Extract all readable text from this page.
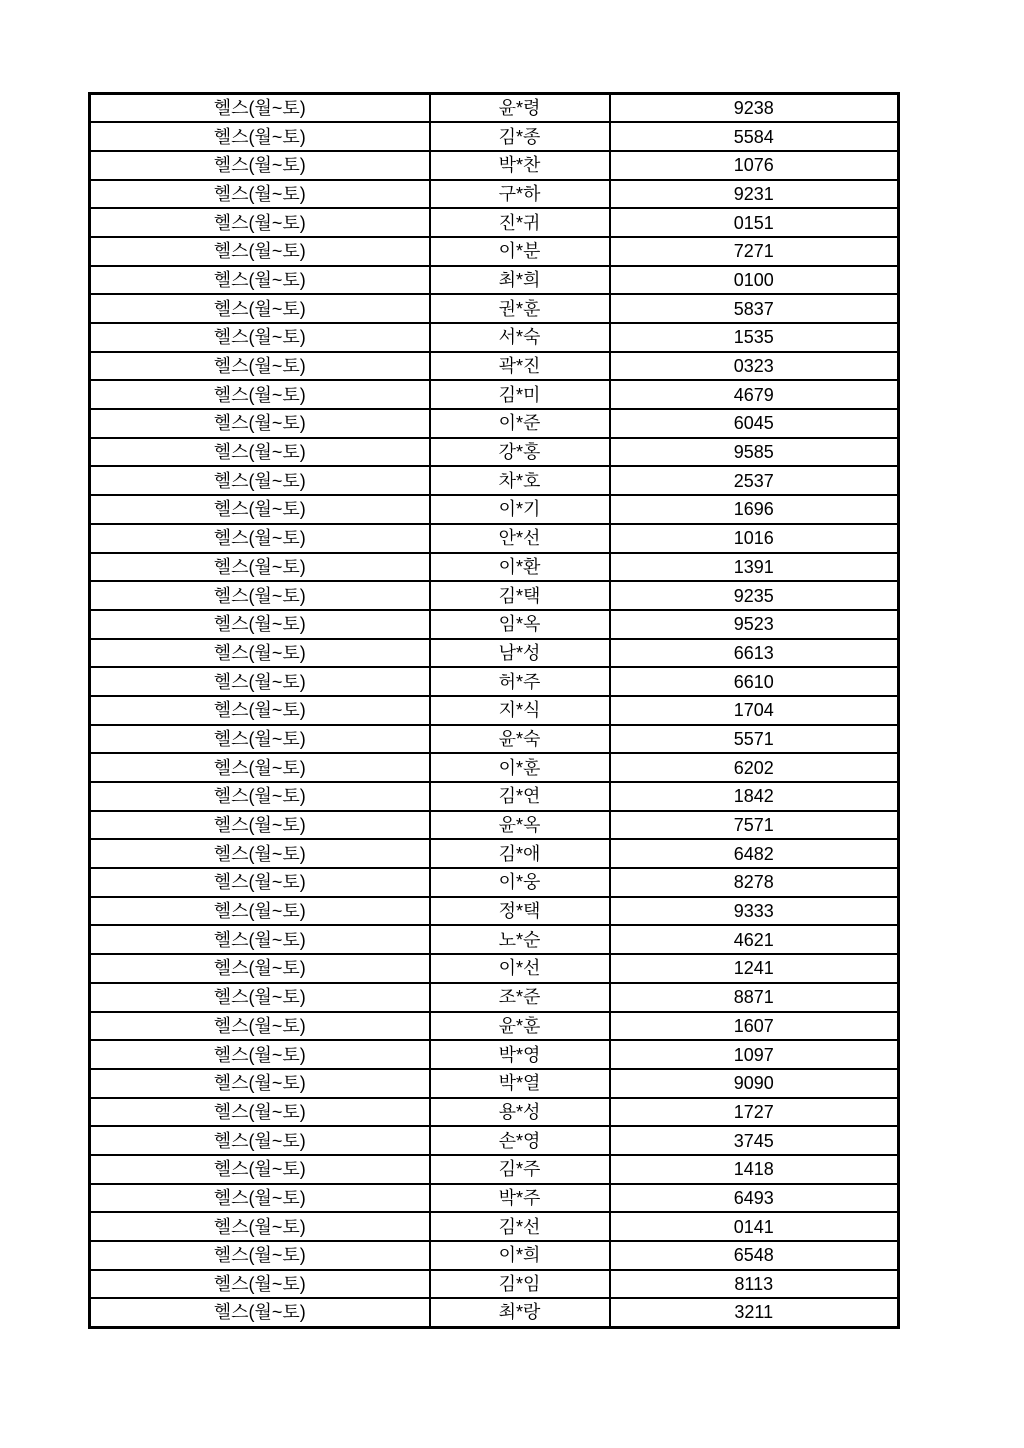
헬스(월~토)	윤*령	9238
헬스(월~토)	김*종	5584
헬스(월~토)	박*찬	1076
헬스(월~토)	구*하	9231
헬스(월~토)	진*귀	0151
헬스(월~토)	이*분	7271
헬스(월~토)	최*희	0100
헬스(월~토)	권*훈	5837
헬스(월~토)	서*숙	1535
헬스(월~토)	곽*진	0323
헬스(월~토)	김*미	4679
헬스(월~토)	이*준	6045
헬스(월~토)	강*홍	9585
헬스(월~토)	차*호	2537
헬스(월~토)	이*기	1696
헬스(월~토)	안*선	1016
헬스(월~토)	이*환	1391
헬스(월~토)	김*택	9235
헬스(월~토)	임*옥	9523
헬스(월~토)	남*성	6613
헬스(월~토)	허*주	6610
헬스(월~토)	지*식	1704
헬스(월~토)	윤*숙	5571
헬스(월~토)	이*훈	6202
헬스(월~토)	김*연	1842
헬스(월~토)	윤*옥	7571
헬스(월~토)	김*애	6482
헬스(월~토)	이*웅	8278
헬스(월~토)	정*택	9333
헬스(월~토)	노*순	4621
헬스(월~토)	이*선	1241
헬스(월~토)	조*준	8871
헬스(월~토)	윤*훈	1607
헬스(월~토)	박*영	1097
헬스(월~토)	박*열	9090
헬스(월~토)	용*성	1727
헬스(월~토)	손*영	3745
헬스(월~토)	김*주	1418
헬스(월~토)	박*주	6493
헬스(월~토)	김*선	0141
헬스(월~토)	이*희	6548
헬스(월~토)	김*임	8113
헬스(월~토)	최*랑	3211
